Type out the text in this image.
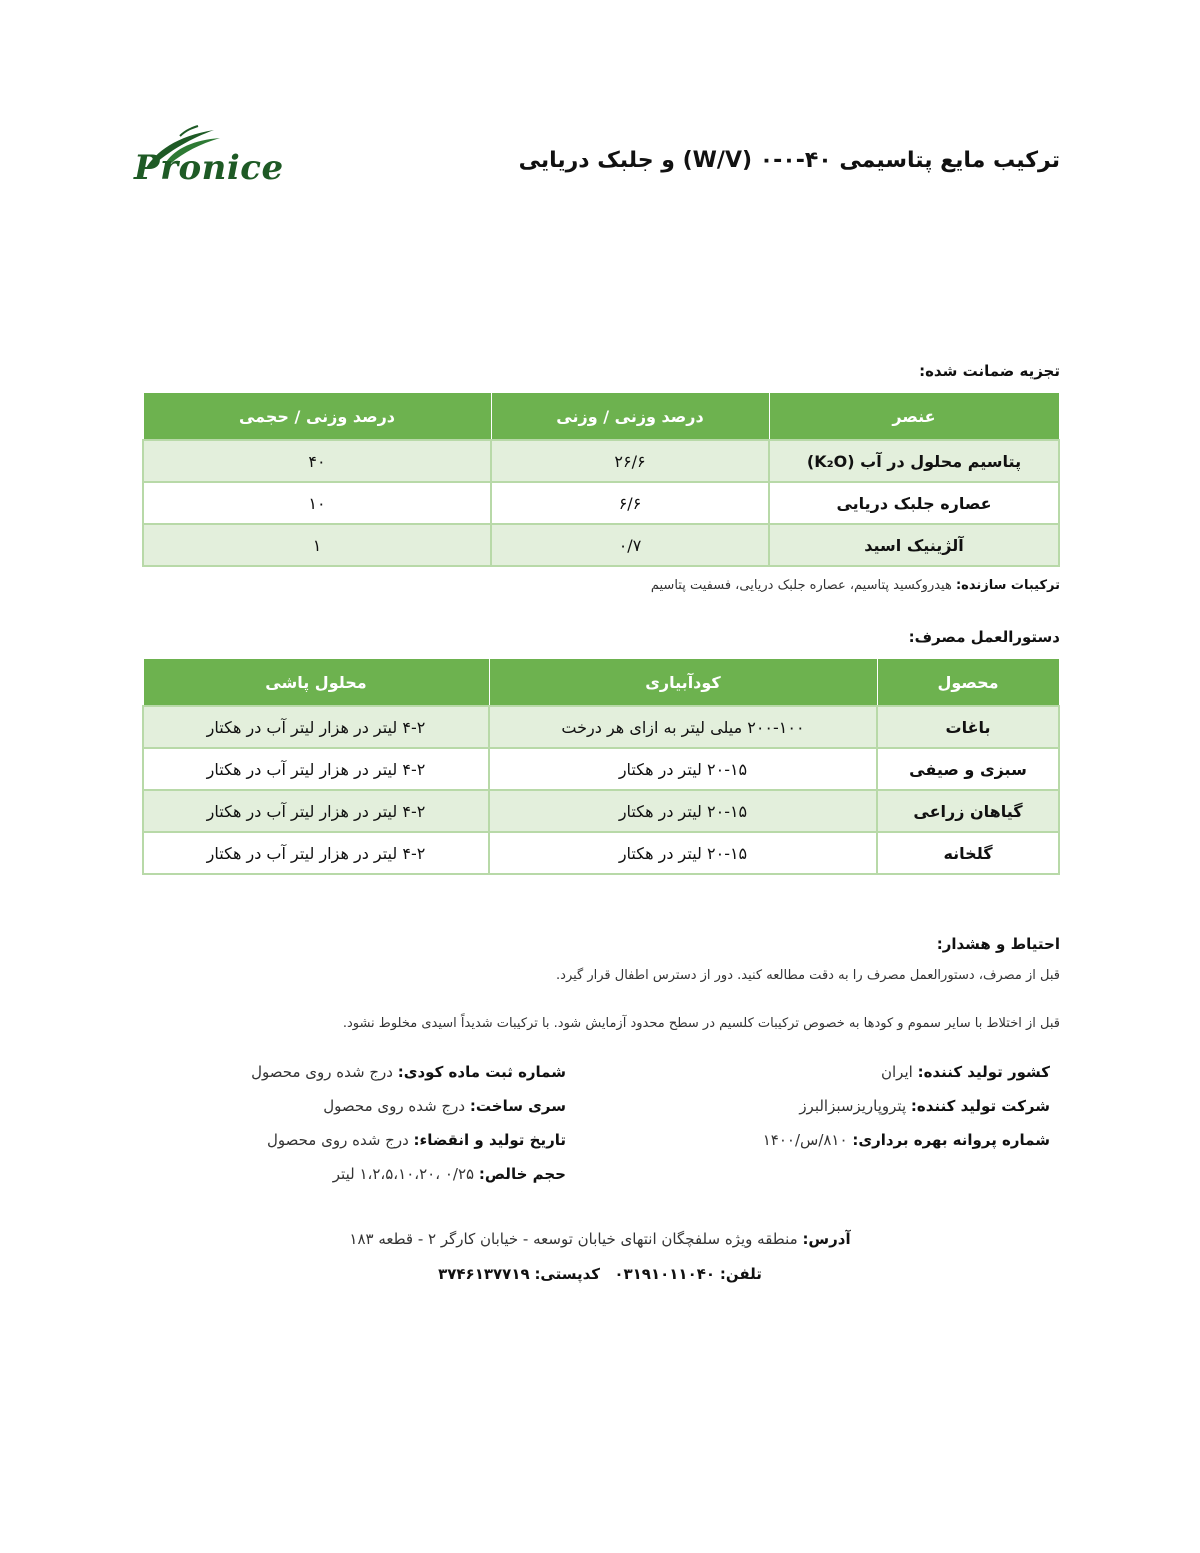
Pronice	ترکیب مایع پتاسیمی ۴۰-۰-۰ (W/V) و جلبک دریایی
تجزیه ضمانت شده:
عنصر	درصد وزنی / وزنی	درصد وزنی / حجمی
پتاسیم محلول در آب (K₂O)	۲۶/۶	۴۰
عصاره جلبک دریایی	۶/۶	۱۰
آلژینیک اسید	۰/۷	۱
ترکیبات سازنده: هیدروکسید پتاسیم، عصاره جلبک دریایی، فسفیت پتاسیم
دستورالعمل مصرف:
محصول	کودآبیاری	محلول پاشی
باغات	۲۰۰-۱۰۰ میلی لیتر به ازای هر درخت	۴-۲ لیتر در هزار لیتر آب در هکتار
سبزی و صیفی	۲۰-۱۵ لیتر در هکتار	۴-۲ لیتر در هزار لیتر آب در هکتار
گیاهان زراعی	۲۰-۱۵ لیتر در هکتار	۴-۲ لیتر در هزار لیتر آب در هکتار
گلخانه	۲۰-۱۵ لیتر در هکتار	۴-۲ لیتر در هزار لیتر آب در هکتار
احتیاط و هشدار:
قبل از مصرف، دستورالعمل مصرف را به دقت مطالعه کنید. دور از دسترس اطفال قرار گیرد.
قبل از اختلاط با سایر سموم و کودها به خصوص ترکیبات کلسیم در سطح محدود آزمایش شود. با ترکیبات شدیداً اسیدی مخلوط نشود.
کشور تولید کننده: ایران
شرکت تولید کننده: پتروپاریزسبزالبرز
شماره پروانه بهره برداری: ۸۱۰/س/۱۴۰۰
شماره ثبت ماده کودی: درج شده روی محصول
سری ساخت: درج شده روی محصول
تاریخ تولید و انقضاء: درج شده روی محصول
حجم خالص: ۰/۲۵ ،۱،۲،۵،۱۰،۲۰ لیتر
آدرس: منطقه ویژه سلفچگان انتهای خیابان توسعه - خیابان کارگر ۲ - قطعه ۱۸۳
تلفن: ۰۳۱۹۱۰۱۱۰۴۰   کدپستی: ۳۷۴۶۱۳۷۷۱۹
